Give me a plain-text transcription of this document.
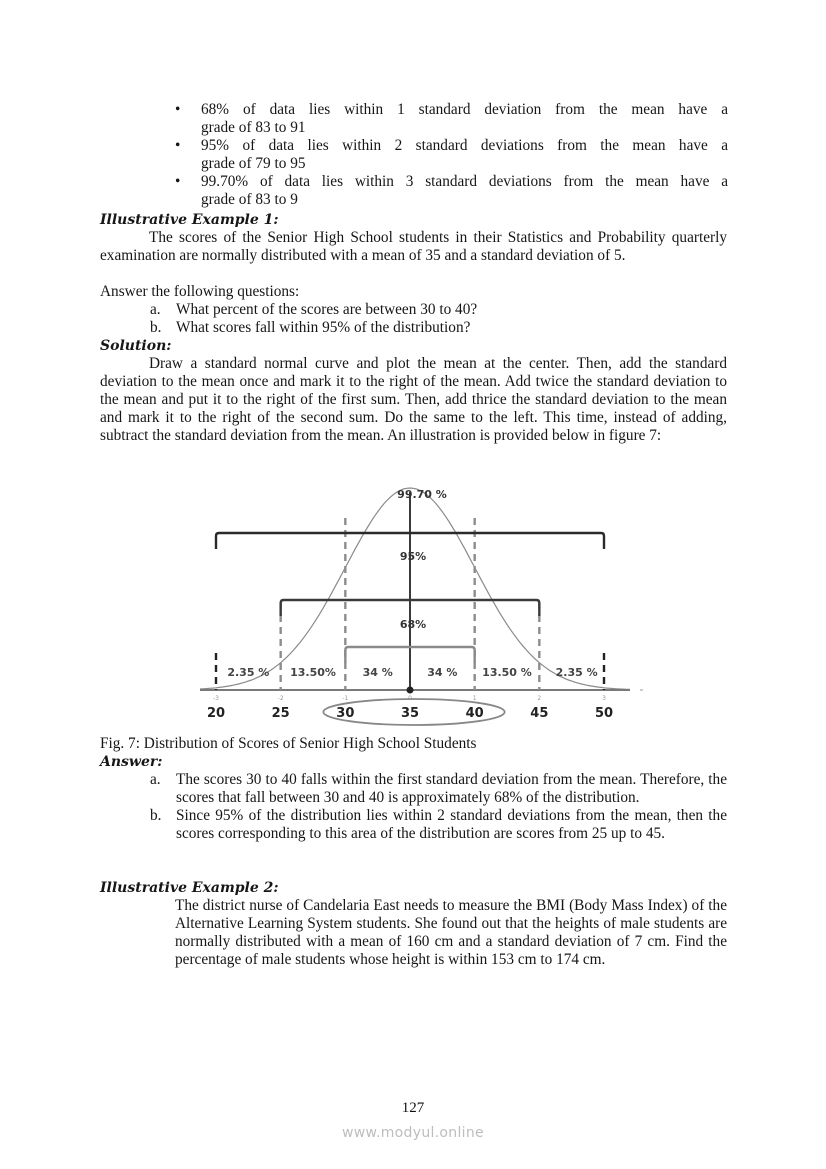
• 68% of data lies within 1 standard deviation from the mean have a
grade of 83 to 91
• 95% of data lies within 2 standard deviations from the mean have a
grade of 79 to 95
• 99.70% of data lies within 3 standard deviations from the mean have a
grade of 83 to 9
Illustrative Example 1:
The scores of the Senior High School students in their Statistics and Probability quarterly examination are normally distributed with a mean of 35 and a standard deviation of 5.
Answer the following questions:
a. What percent of the scores are between 30 to 40?
b. What scores fall within 95% of the distribution?
Solution:
Draw a standard normal curve and plot the mean at the center. Then, add the standard deviation to the mean once and mark it to the right of the mean. Add twice the standard deviation to the mean and put it to the right of the first sum. Then, add thrice the standard deviation to the mean and mark it to the right of the second sum. Do the same to the left. This time, instead of adding, subtract the standard deviation from the mean. An illustration is provided below in figure 7:
99.70 %
95%
68%
2.35 % 13.50% 34 %	34 % 13.50 % 2.35 %
-3	-2	-1	0	1	2	3
20	25	30	35	40	45	50
Fig. 7: Distribution of Scores of Senior High School Students
Answer:
a. The scores 30 to 40 falls within the first standard deviation from the mean. Therefore, the scores that fall between 30 and 40 is approximately 68% of the distribution.
b. Since 95% of the distribution lies within 2 standard deviations from the mean, then the scores corresponding to this area of the distribution are scores from 25 up to 45.
Illustrative Example 2:
The district nurse of Candelaria East needs to measure the BMI (Body Mass Index) of the Alternative Learning System students. She found out that the heights of male students are normally distributed with a mean of 160 cm and a standard deviation of 7 cm. Find the percentage of male students whose height is within 153 cm to 174 cm.
127
www.modyul.online
